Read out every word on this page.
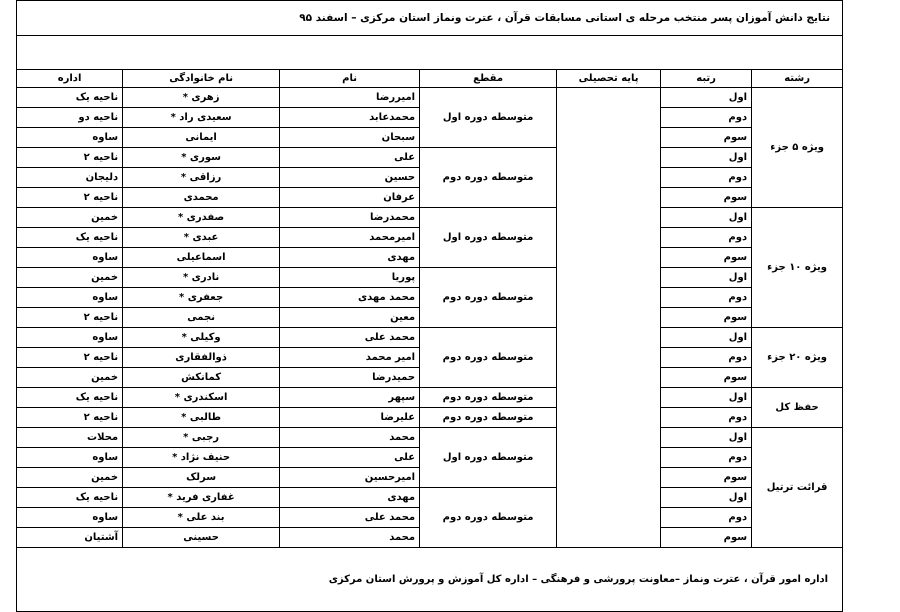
نتایج دانش آموزان پسر منتخب مرحله ی استانی مسابقات قرآن ، عترت ونماز استان مرکزی – اسفند ۹۵						

رشته	رتبه	پایه تحصیلی	مقطع	نام	نام خانوادگی	اداره
ویژه ۵ جزء	اول		متوسطه دوره اول	امیررضا	زهری *	ناحیه یک
	دوم			محمدعابد	سعیدی راد *	ناحیه دو
	سوم			سبحان	ایمانی	ساوه
	اول		متوسطه دوره دوم	علی	سوری *	ناحیه ۲
	دوم			حسین	رزاقی *	دلیجان
	سوم			عرفان	محمدی	ناحیه ۲
ویژه ۱۰ جزء	اول		متوسطه دوره اول	محمدرضا	صفدری *	خمین
	دوم			امیرمحمد	عبدی *	ناحیه یک
	سوم			مهدی	اسماعیلی	ساوه
	اول		متوسطه دوره دوم	پوریا	نادری *	خمین
	دوم			محمد مهدی	جعفری *	ساوه
	سوم			معین	نجمی	ناحیه ۲
ویژه ۲۰ جزء	اول		متوسطه دوره دوم	محمد علی	وکیلی *	ساوه
	دوم			امیر محمد	ذوالفقاری	ناحیه ۲
	سوم			حمیدرضا	کمانکش	خمین
حفظ کل	اول		متوسطه دوره دوم	سپهر	اسکندری *	ناحیه یک
	دوم		متوسطه دوره دوم	علیرضا	طالبی *	ناحیه ۲
قرائت ترتیل	اول		متوسطه دوره اول	محمد	رجبی *	محلات
	دوم			علی	حنیف نژاد *	ساوه
	سوم			امیرحسین	سرلک	خمین
	اول		متوسطه دوره دوم	مهدی	غفاری فرید *	ناحیه یک
	دوم			محمد علی	بند علی *	ساوه
	سوم			محمد	حسینی	آشتیان
اداره امور قرآن ، عترت ونماز –معاونت پرورشی و فرهنگی – اداره کل آموزش و پرورش استان مرکزی						
